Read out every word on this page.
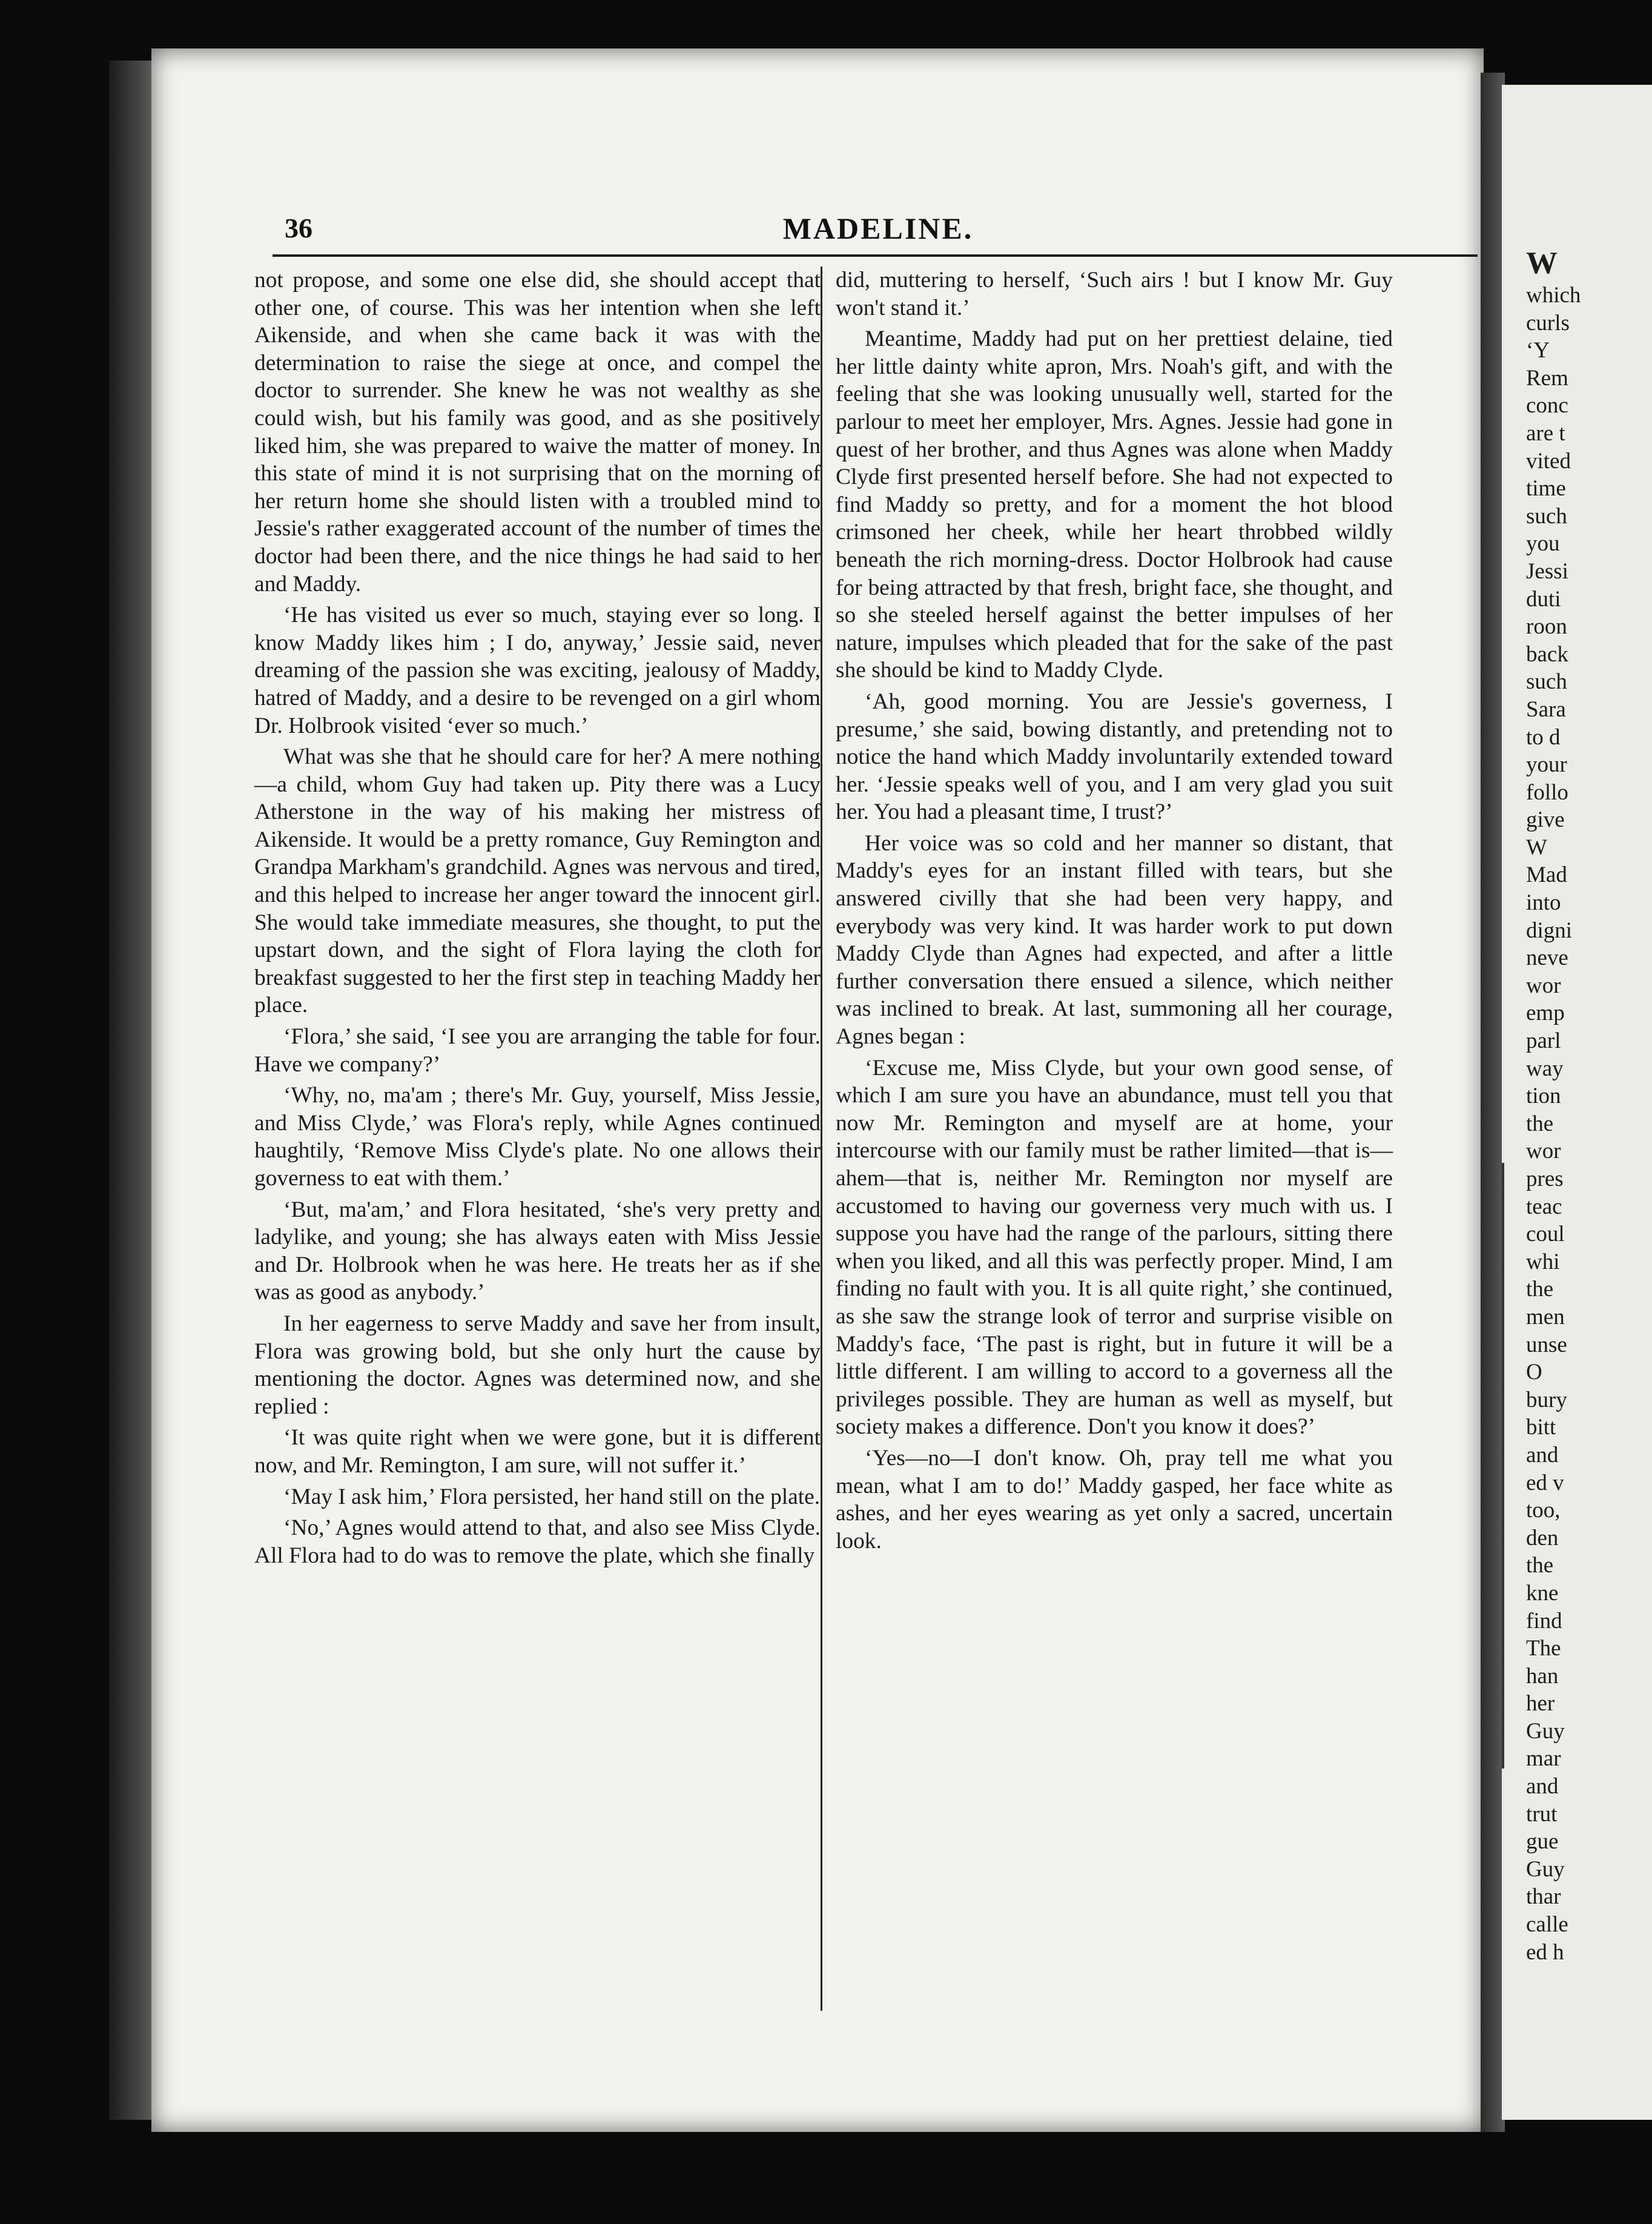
36	MADELINE.

not propose, and some one else did, she should accept that other one, of course. This was her intention when she left Aikenside, and when she came back it was with the determination to raise the siege at once, and compel the doctor to surrender. She knew he was not wealthy as she could wish, but his family was good, and as she positively liked him, she was prepared to waive the matter of money. In this state of mind it is not surprising that on the morning of her return home she should listen with a troubled mind to Jessie's rather exaggerated account of the number of times the doctor had been there, and the nice things he had said to her and Maddy.

‘He has visited us ever so much, staying ever so long. I know Maddy likes him ; I do, anyway,’ Jessie said, never dreaming of the passion she was exciting, jealousy of Maddy, hatred of Maddy, and a desire to be revenged on a girl whom Dr. Holbrook visited ‘ever so much.’

What was she that he should care for her? A mere nothing—a child, whom Guy had taken up. Pity there was a Lucy Atherstone in the way of his making her mistress of Aikenside. It would be a pretty romance, Guy Remington and Grandpa Markham's grandchild. Agnes was nervous and tired, and this helped to increase her anger toward the innocent girl. She would take immediate measures, she thought, to put the upstart down, and the sight of Flora laying the cloth for breakfast suggested to her the first step in teaching Maddy her place.

‘Flora,’ she said, ‘I see you are arranging the table for four. Have we company?’

‘Why, no, ma'am ; there's Mr. Guy, yourself, Miss Jessie, and Miss Clyde,’ was Flora's reply, while Agnes continued haughtily, ‘Remove Miss Clyde's plate. No one allows their governess to eat with them.’

‘But, ma'am,’ and Flora hesitated, ‘she's very pretty and ladylike, and young; she has always eaten with Miss Jessie and Dr. Holbrook when he was here. He treats her as if she was as good as anybody.’

In her eagerness to serve Maddy and save her from insult, Flora was growing bold, but she only hurt the cause by mentioning the doctor. Agnes was determined now, and she replied :

‘It was quite right when we were gone, but it is different now, and Mr. Remington, I am sure, will not suffer it.’

‘May I ask him,’ Flora persisted, her hand still on the plate.

‘No,’ Agnes would attend to that, and also see Miss Clyde. All Flora had to do was to remove the plate, which she finally

did, muttering to herself, ‘Such airs ! but I know Mr. Guy won't stand it.’

Meantime, Maddy had put on her prettiest delaine, tied her little dainty white apron, Mrs. Noah's gift, and with the feeling that she was looking unusually well, started for the parlour to meet her employer, Mrs. Agnes. Jessie had gone in quest of her brother, and thus Agnes was alone when Maddy Clyde first presented herself before. She had not expected to find Maddy so pretty, and for a moment the hot blood crimsoned her cheek, while her heart throbbed wildly beneath the rich morning-dress. Doctor Holbrook had cause for being attracted by that fresh, bright face, she thought, and so she steeled herself against the better impulses of her nature, impulses which pleaded that for the sake of the past she should be kind to Maddy Clyde.

‘Ah, good morning. You are Jessie's governess, I presume,’ she said, bowing distantly, and pretending not to notice the hand which Maddy involuntarily extended toward her. ‘Jessie speaks well of you, and I am very glad you suit her. You had a pleasant time, I trust?’

Her voice was so cold and her manner so distant, that Maddy's eyes for an instant filled with tears, but she answered civilly that she had been very happy, and everybody was very kind. It was harder work to put down Maddy Clyde than Agnes had expected, and after a little further conversation there ensued a silence, which neither was inclined to break. At last, summoning all her courage, Agnes began :

‘Excuse me, Miss Clyde, but your own good sense, of which I am sure you have an abundance, must tell you that now Mr. Remington and myself are at home, your intercourse with our family must be rather limited—that is—ahem—that is, neither Mr. Remington nor myself are accustomed to having our governess very much with us. I suppose you have had the range of the parlours, sitting there when you liked, and all this was perfectly proper. Mind, I am finding no fault with you. It is all quite right,’ she continued, as she saw the strange look of terror and surprise visible on Maddy's face, ‘The past is right, but in future it will be a little different. I am willing to accord to a governess all the privileges possible. They are human as well as myself, but society makes a difference. Don't you know it does?’

‘Yes—no—I don't know. Oh, pray tell me what you mean, what I am to do!’ Maddy gasped, her face white as ashes, and her eyes wearing as yet only a sacred, uncertain look.

W
which
curls
‘Y
Rem
conc
are t
vited
time
such
you
Jessi
duti
roon
back
such
Sara
to d
your
follo
give
W
Mad
into
digni
neve
wor
emp
parl
way
tion
the
wor
pres
teac
coul
whi
the
men
unse
O
bury
bitt
and
ed v
too,
den
the
kne
find
The
han
her
Guy
mar
and
trut
gue
Guy
thar
calle
ed h
